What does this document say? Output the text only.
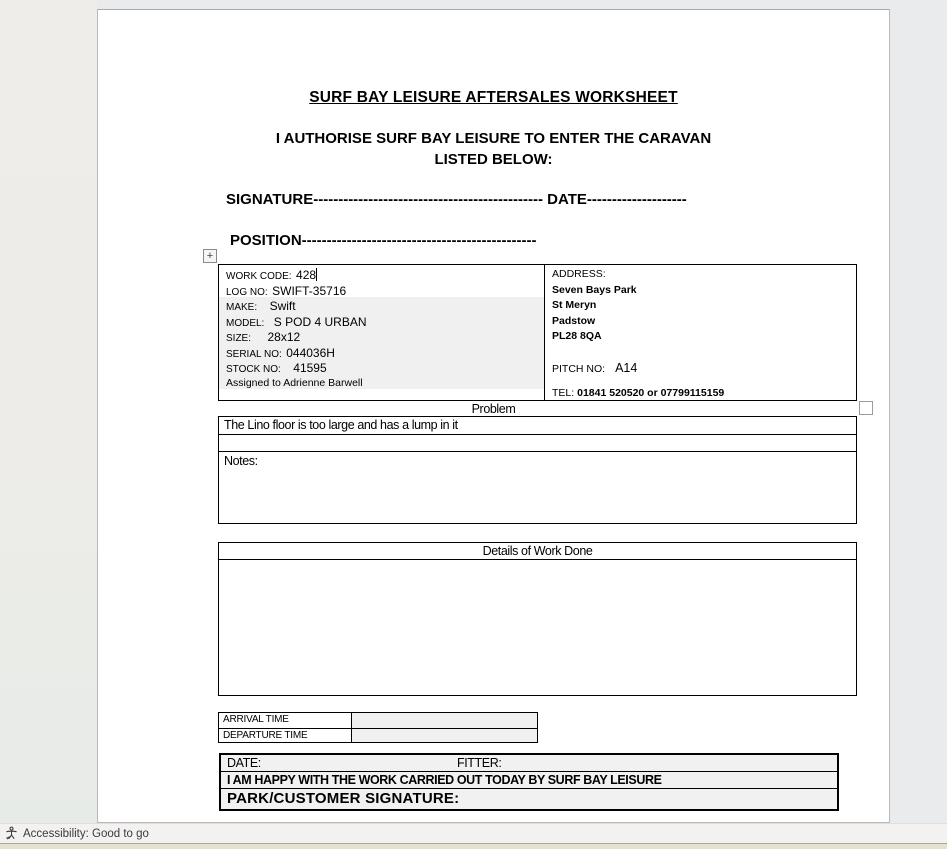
SURF BAY LEISURE AFTERSALES WORKSHEET
I AUTHORISE SURF BAY LEISURE TO ENTER THE CARAVAN
LISTED BELOW:
SIGNATURE---------------------------------------------- DATE--------------------
POSITION-----------------------------------------------
+
WORK CODE: 428
LOG NO: SWIFT-35716
MAKE: Swift
MODEL: S POD 4 URBAN
SIZE: 28x12
SERIAL NO: 044036H
STOCK NO: 41595
Assigned to Adrienne Barwell
ADDRESS:
Seven Bays Park
St Meryn
Padstow
PL28 8QA
PITCH NO: A14
TEL: 01841 520520 or 07799115159
Problem
The Lino floor is too large and has a lump in it
Notes:
Details of Work Done
ARRIVAL TIME
DEPARTURE TIME
DATE:	FITTER:
I AM HAPPY WITH THE WORK CARRIED OUT TODAY BY SURF BAY LEISURE
PARK/CUSTOMER SIGNATURE:
Accessibility: Good to go
